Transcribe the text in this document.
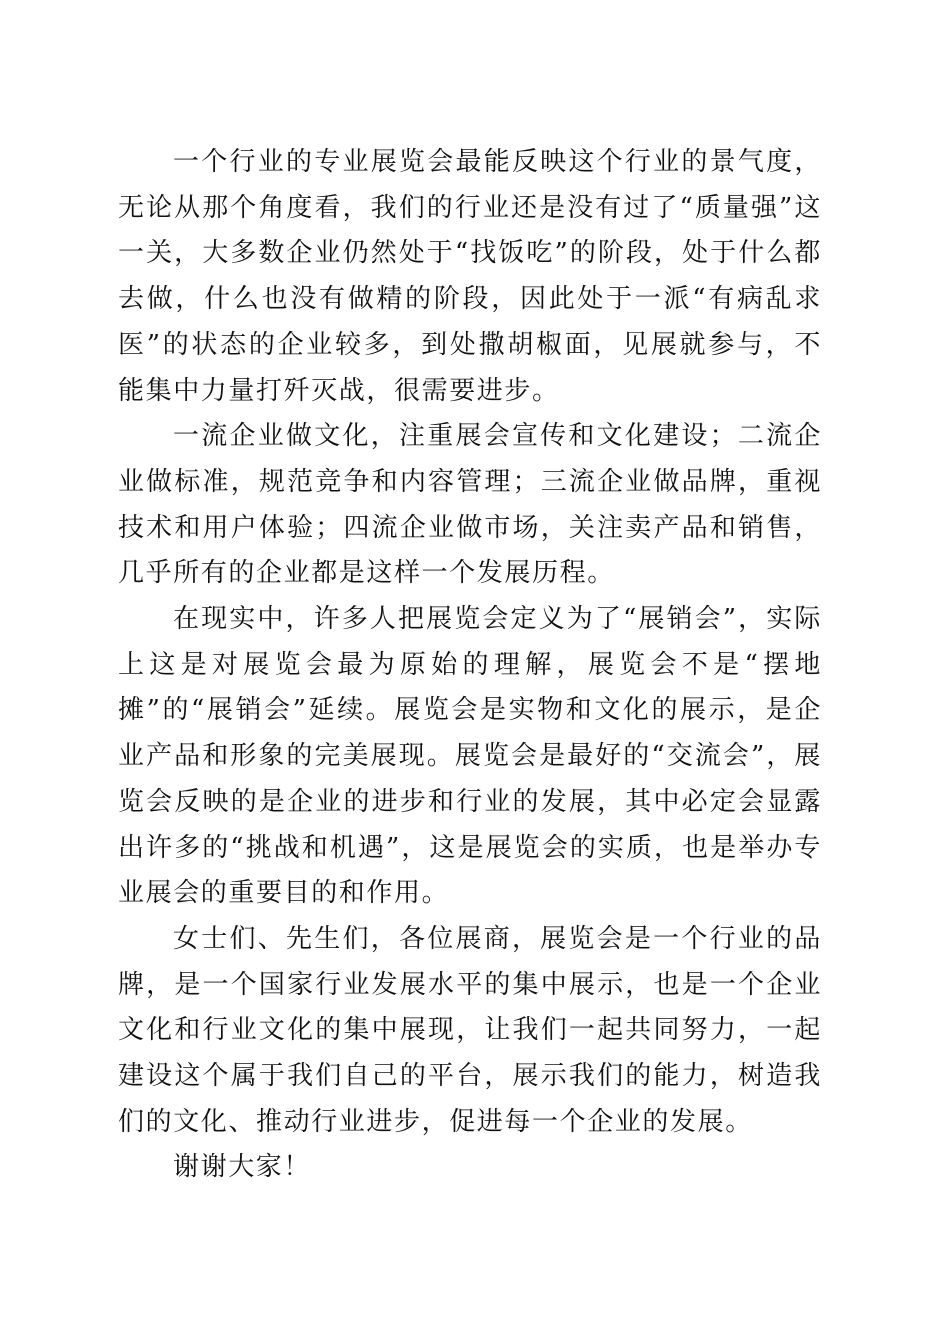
一个行业的专业展览会最能反映这个行业的景气度，无论从那个角度看，我们的行业还是没有过了“质量强”这一关，大多数企业仍然处于“找饭吃”的阶段，处于什么都去做，什么也没有做精的阶段，因此处于一派“有病乱求医”的状态的企业较多，到处撒胡椒面，见展就参与，不能集中力量打歼灭战，很需要进步。

一流企业做文化，注重展会宣传和文化建设；二流企业做标准，规范竞争和内容管理；三流企业做品牌，重视技术和用户体验；四流企业做市场，关注卖产品和销售，几乎所有的企业都是这样一个发展历程。

在现实中，许多人把展览会定义为了“展销会”，实际上这是对展览会最为原始的理解，展览会不是“摆地摊”的“展销会”延续。展览会是实物和文化的展示，是企业产品和形象的完美展现。展览会是最好的“交流会”，展览会反映的是企业的进步和行业的发展，其中必定会显露出许多的“挑战和机遇”，这是展览会的实质，也是举办专业展会的重要目的和作用。

女士们、先生们，各位展商，展览会是一个行业的品牌，是一个国家行业发展水平的集中展示，也是一个企业文化和行业文化的集中展现，让我们一起共同努力，一起建设这个属于我们自己的平台，展示我们的能力，树造我们的文化、推动行业进步，促进每一个企业的发展。

谢谢大家！
